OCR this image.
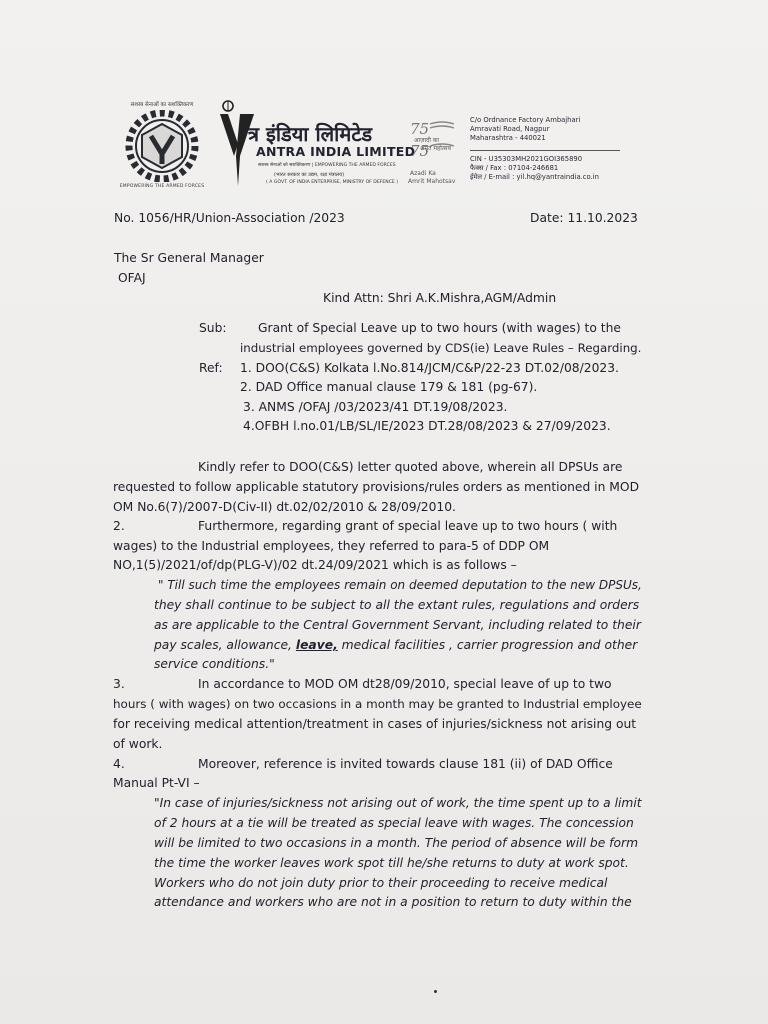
सशस्त्र सेनाओं का सशक्तिकरण
EMPOWERING THE ARMED FORCES
त्र इंडिया लिमिटेड
ANTRA INDIA LIMITED
सशस्त्र सेनाओं को सशक्तिकरण | EMPOWERING THE ARMED FORCES
(भारत सरकार का उद्यम, रक्षा मंत्रालय)
( A GOVT. OF INDIA ENTERPRISE, MINISTRY OF DEFENCE )
75
75
आज़ादी का
अमृत महोत्सव
Azadi Ka
Amrit Mahotsav
C/o Ordnance Factory Ambajhari
Amravati Road, Nagpur
Maharashtra - 440021
CIN - U35303MH2021GOI365890
फैक्स / Fax : 07104-246681
ईमेल / E-mail : yil.hq@yantraindia.co.in
No. 1056/HR/Union-Association /2023	Date: 11.10.2023
The Sr General Manager
OFAJ
Kind Attn: Shri A.K.Mishra,AGM/Admin
Sub:	Grant of Special Leave up to two hours (with wages) to the
industrial employees governed by CDS(ie) Leave Rules – Regarding.
Ref: 1. DOO(C&S) Kolkata l.No.814/JCM/C&P/22-23 DT.02/08/2023.
2. DAD Office manual clause 179 & 181 (pg-67).
3. ANMS /OFAJ /03/2023/41 DT.19/08/2023.
4.OFBH l.no.01/LB/SL/IE/2023 DT.28/08/2023 & 27/09/2023.
Kindly refer to DOO(C&S) letter quoted above, wherein all DPSUs are
requested to follow applicable statutory provisions/rules orders as mentioned in MOD
OM No.6(7)/2007-D(Civ-II) dt.02/02/2010 & 28/09/2010.
2.	Furthermore, regarding grant of special leave up to two hours ( with
wages) to the Industrial employees, they referred to para-5 of DDP OM
NO,1(5)/2021/of/dp(PLG-V)/02 dt.24/09/2021 which is as follows –
" Till such time the employees remain on deemed deputation to the new DPSUs,
they shall continue to be subject to all the extant rules, regulations and orders
as are applicable to the Central Government Servant, including related to their
pay scales, allowance, leave, medical facilities , carrier progression and other
service conditions."
3.	In accordance to MOD OM dt28/09/2010, special leave of up to two
hours ( with wages) on two occasions in a month may be granted to Industrial employee
for receiving medical attention/treatment in cases of injuries/sickness not arising out
of work.
4.	Moreover, reference is invited towards clause 181 (ii) of DAD Office
Manual Pt-VI –
"In case of injuries/sickness not arising out of work, the time spent up to a limit
of 2 hours at a tie will be treated as special leave with wages. The concession
will be limited to two occasions in a month. The period of absence will be form
the time the worker leaves work spot till he/she returns to duty at work spot.
Workers who do not join duty prior to their proceeding to receive medical
attendance and workers who are not in a position to return to duty within the
